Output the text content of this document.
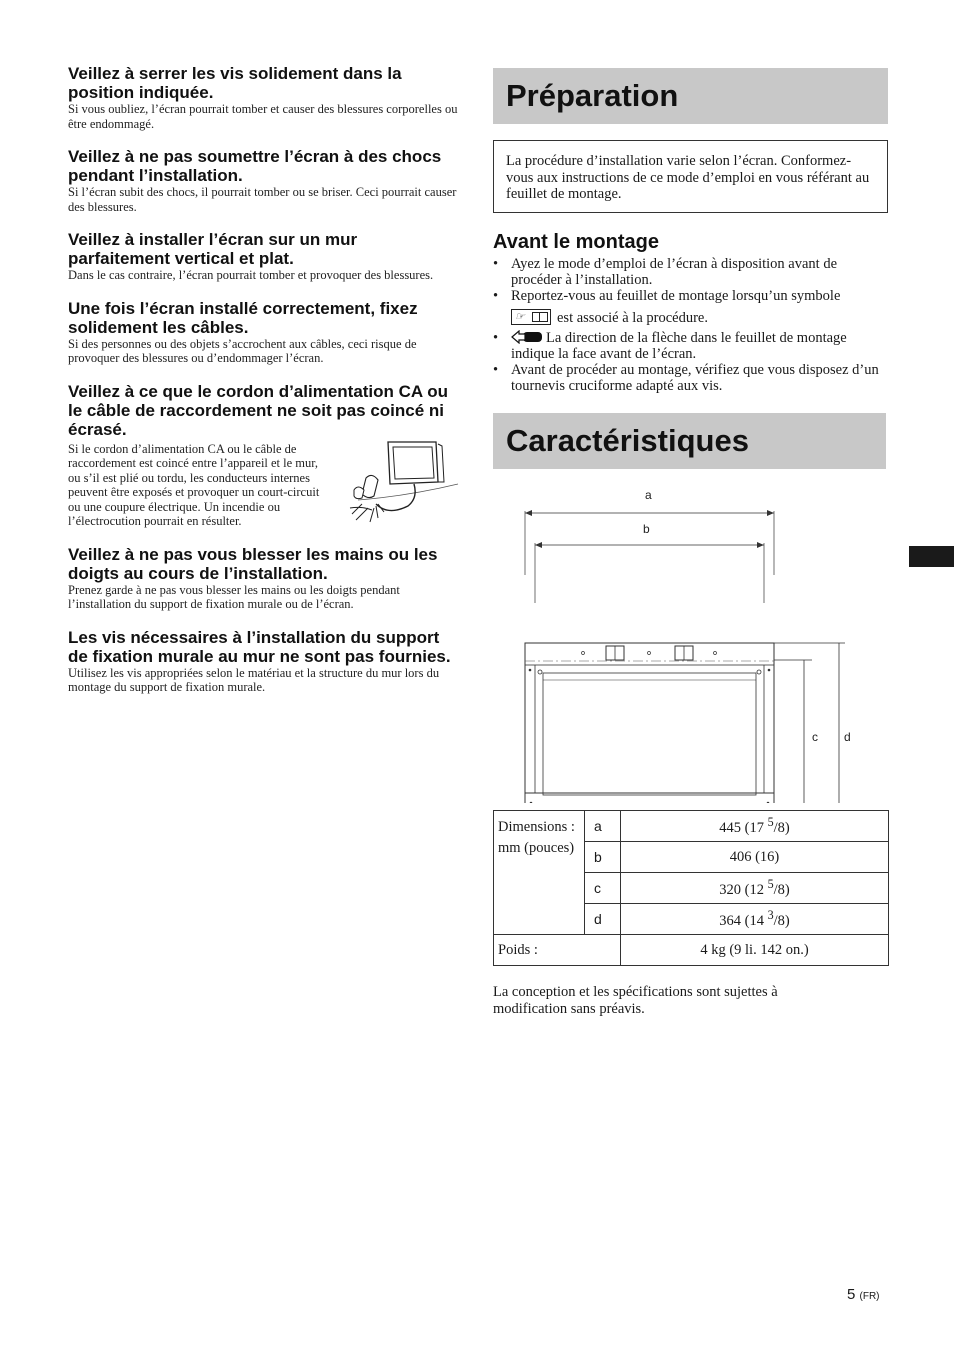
Veillez à serrer les vis solidement dans la position indiquée.

Si vous oubliez, l’écran pourrait tomber et causer des blessures corporelles ou être endommagé.

Veillez à ne pas soumettre l’écran à des chocs pendant l’installation.

Si l’écran subit des chocs, il pourrait tomber ou se briser. Ceci pourrait causer des blessures.

Veillez à installer l’écran sur un mur parfaitement vertical et plat.

Dans le cas contraire, l’écran pourrait tomber et provoquer des blessures.

Une fois l’écran installé correctement, fixez solidement les câbles.

Si des personnes ou des objets s’accrochent aux câbles, ceci risque de provoquer des blessures ou d’endommager l’écran.

Veillez à ce que le cordon d’alimentation CA ou le câble de raccordement ne soit pas coincé ni écrasé.

Si le cordon d’alimentation CA ou le câble de raccordement est coincé entre l’appareil et le mur, ou s’il est plié ou tordu, les conducteurs internes peuvent être exposés et provoquer un court-circuit ou une coupure électrique. Un incendie ou l’électrocution pourrait en résulter.

Veillez à ne pas vous blesser les mains ou les doigts au cours de l’installation.

Prenez garde à ne pas vous blesser les mains ou les doigts pendant l’installation du support de fixation murale ou de l’écran.

Les vis nécessaires à l’installation du support de fixation murale au mur ne sont pas fournies.

Utilisez les vis appropriées selon le matériau et la structure du mur lors du montage du support de fixation murale.

Préparation
La procédure d’installation varie selon l’écran. Conformez-vous aux instructions de ce mode d’emploi en vous référant au feuillet de montage.
Avant le montage
• Ayez le mode d’emploi de l’écran à disposition avant de procéder à l’installation.
• Reportez-vous au feuillet de montage lorsqu’un symbole

☞ est associé à la procédure.
• La direction de la flèche dans le feuillet de montage indique la face avant de l’écran.
• Avant de procéder au montage, vérifiez que vous disposez d’un tournevis cruciforme adapté aux vis.
Caractéristiques
a
b
c d
Dimensions :
mm (pouces)	a	445 (17 $^5$/8)
	b	406 (16)
	c	320 (12 $^5$/8)
	d	364 (14 $^3$/8)
Poids :		4 kg (9 li. 142 on.)
La conception et les spécifications sont sujettes à modification sans préavis.
5 (FR)
